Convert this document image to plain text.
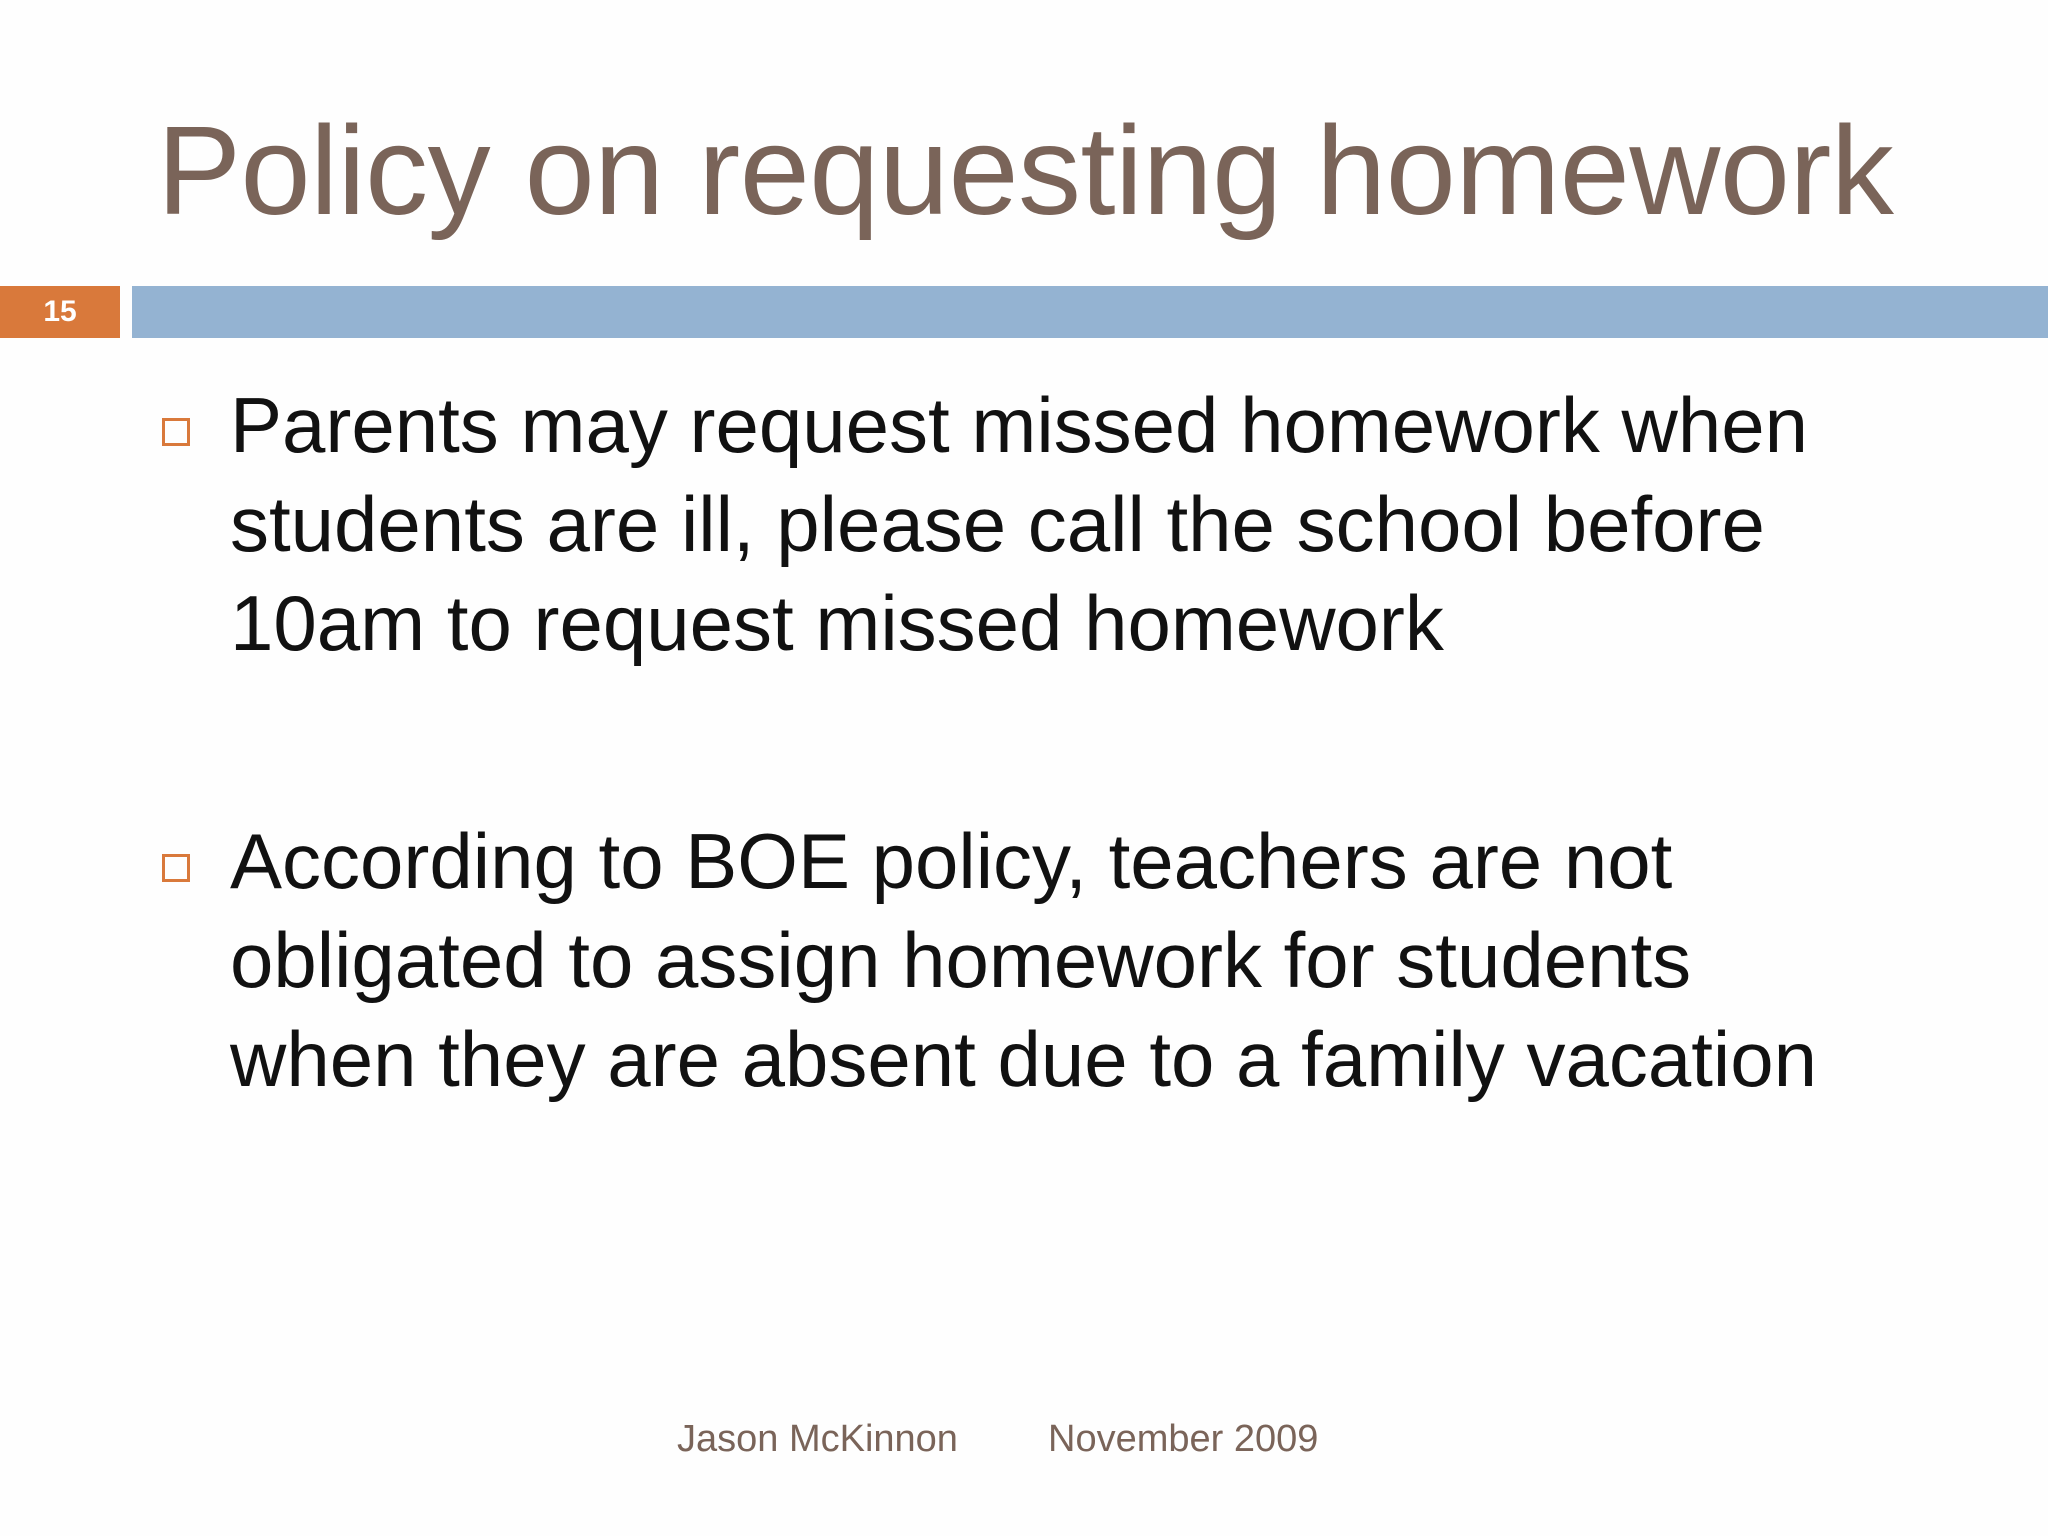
Policy on requesting homework
15
Parents may request missed homework when
students are ill, please call the school before
10am to request missed homework
According to BOE policy, teachers are not
obligated to assign homework for students
when they are absent due to a family vacation
Jason McKinnon November 2009
